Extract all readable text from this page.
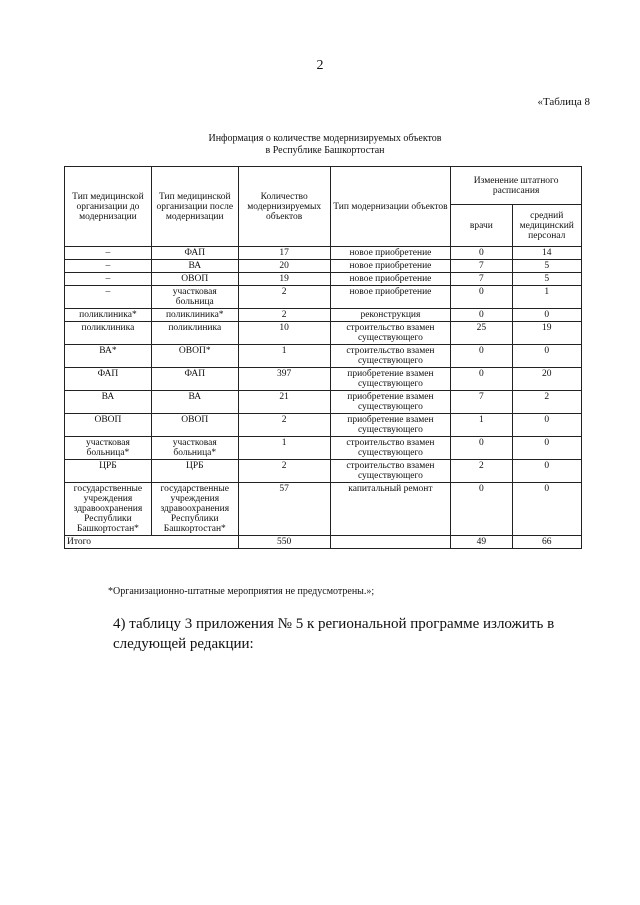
2
«Таблица 8
Информация о количестве модернизируемых объектов
в Республике Башкортостан
Тип медицинской организации до модернизации	Тип медицинской организации после модернизации	Количество модернизируемых объектов	Тип модернизации объектов	Изменение штатного расписания	
				врачи	средний медицинский персонал
–	ФАП	17	новое приобретение	0	14
–	ВА	20	новое приобретение	7	5
–	ОВОП	19	новое приобретение	7	5
–	участковая больница	2	новое приобретение	0	1
поликлиника*	поликлиника*	2	реконструкция	0	0
поликлиника	поликлиника	10	строительство взамен существующего	25	19
ВА*	ОВОП*	1	строительство взамен существующего	0	0
ФАП	ФАП	397	приобретение взамен существующего	0	20
ВА	ВА	21	приобретение взамен существующего	7	2
ОВОП	ОВОП	2	приобретение взамен существующего	1	0
участковая больница*	участковая больница*	1	строительство взамен существующего	0	0
ЦРБ	ЦРБ	2	строительство взамен существующего	2	0
государственные учреждения здравоохранения Республики Башкортостан*	государственные учреждения здравоохранения Республики Башкортостан*	57	капитальный ремонт	0	0
Итого		550		49	66
*Организационно-штатные мероприятия не предусмотрены.»;
4) таблицу 3 приложения № 5 к региональной программе изложить в следующей редакции:
